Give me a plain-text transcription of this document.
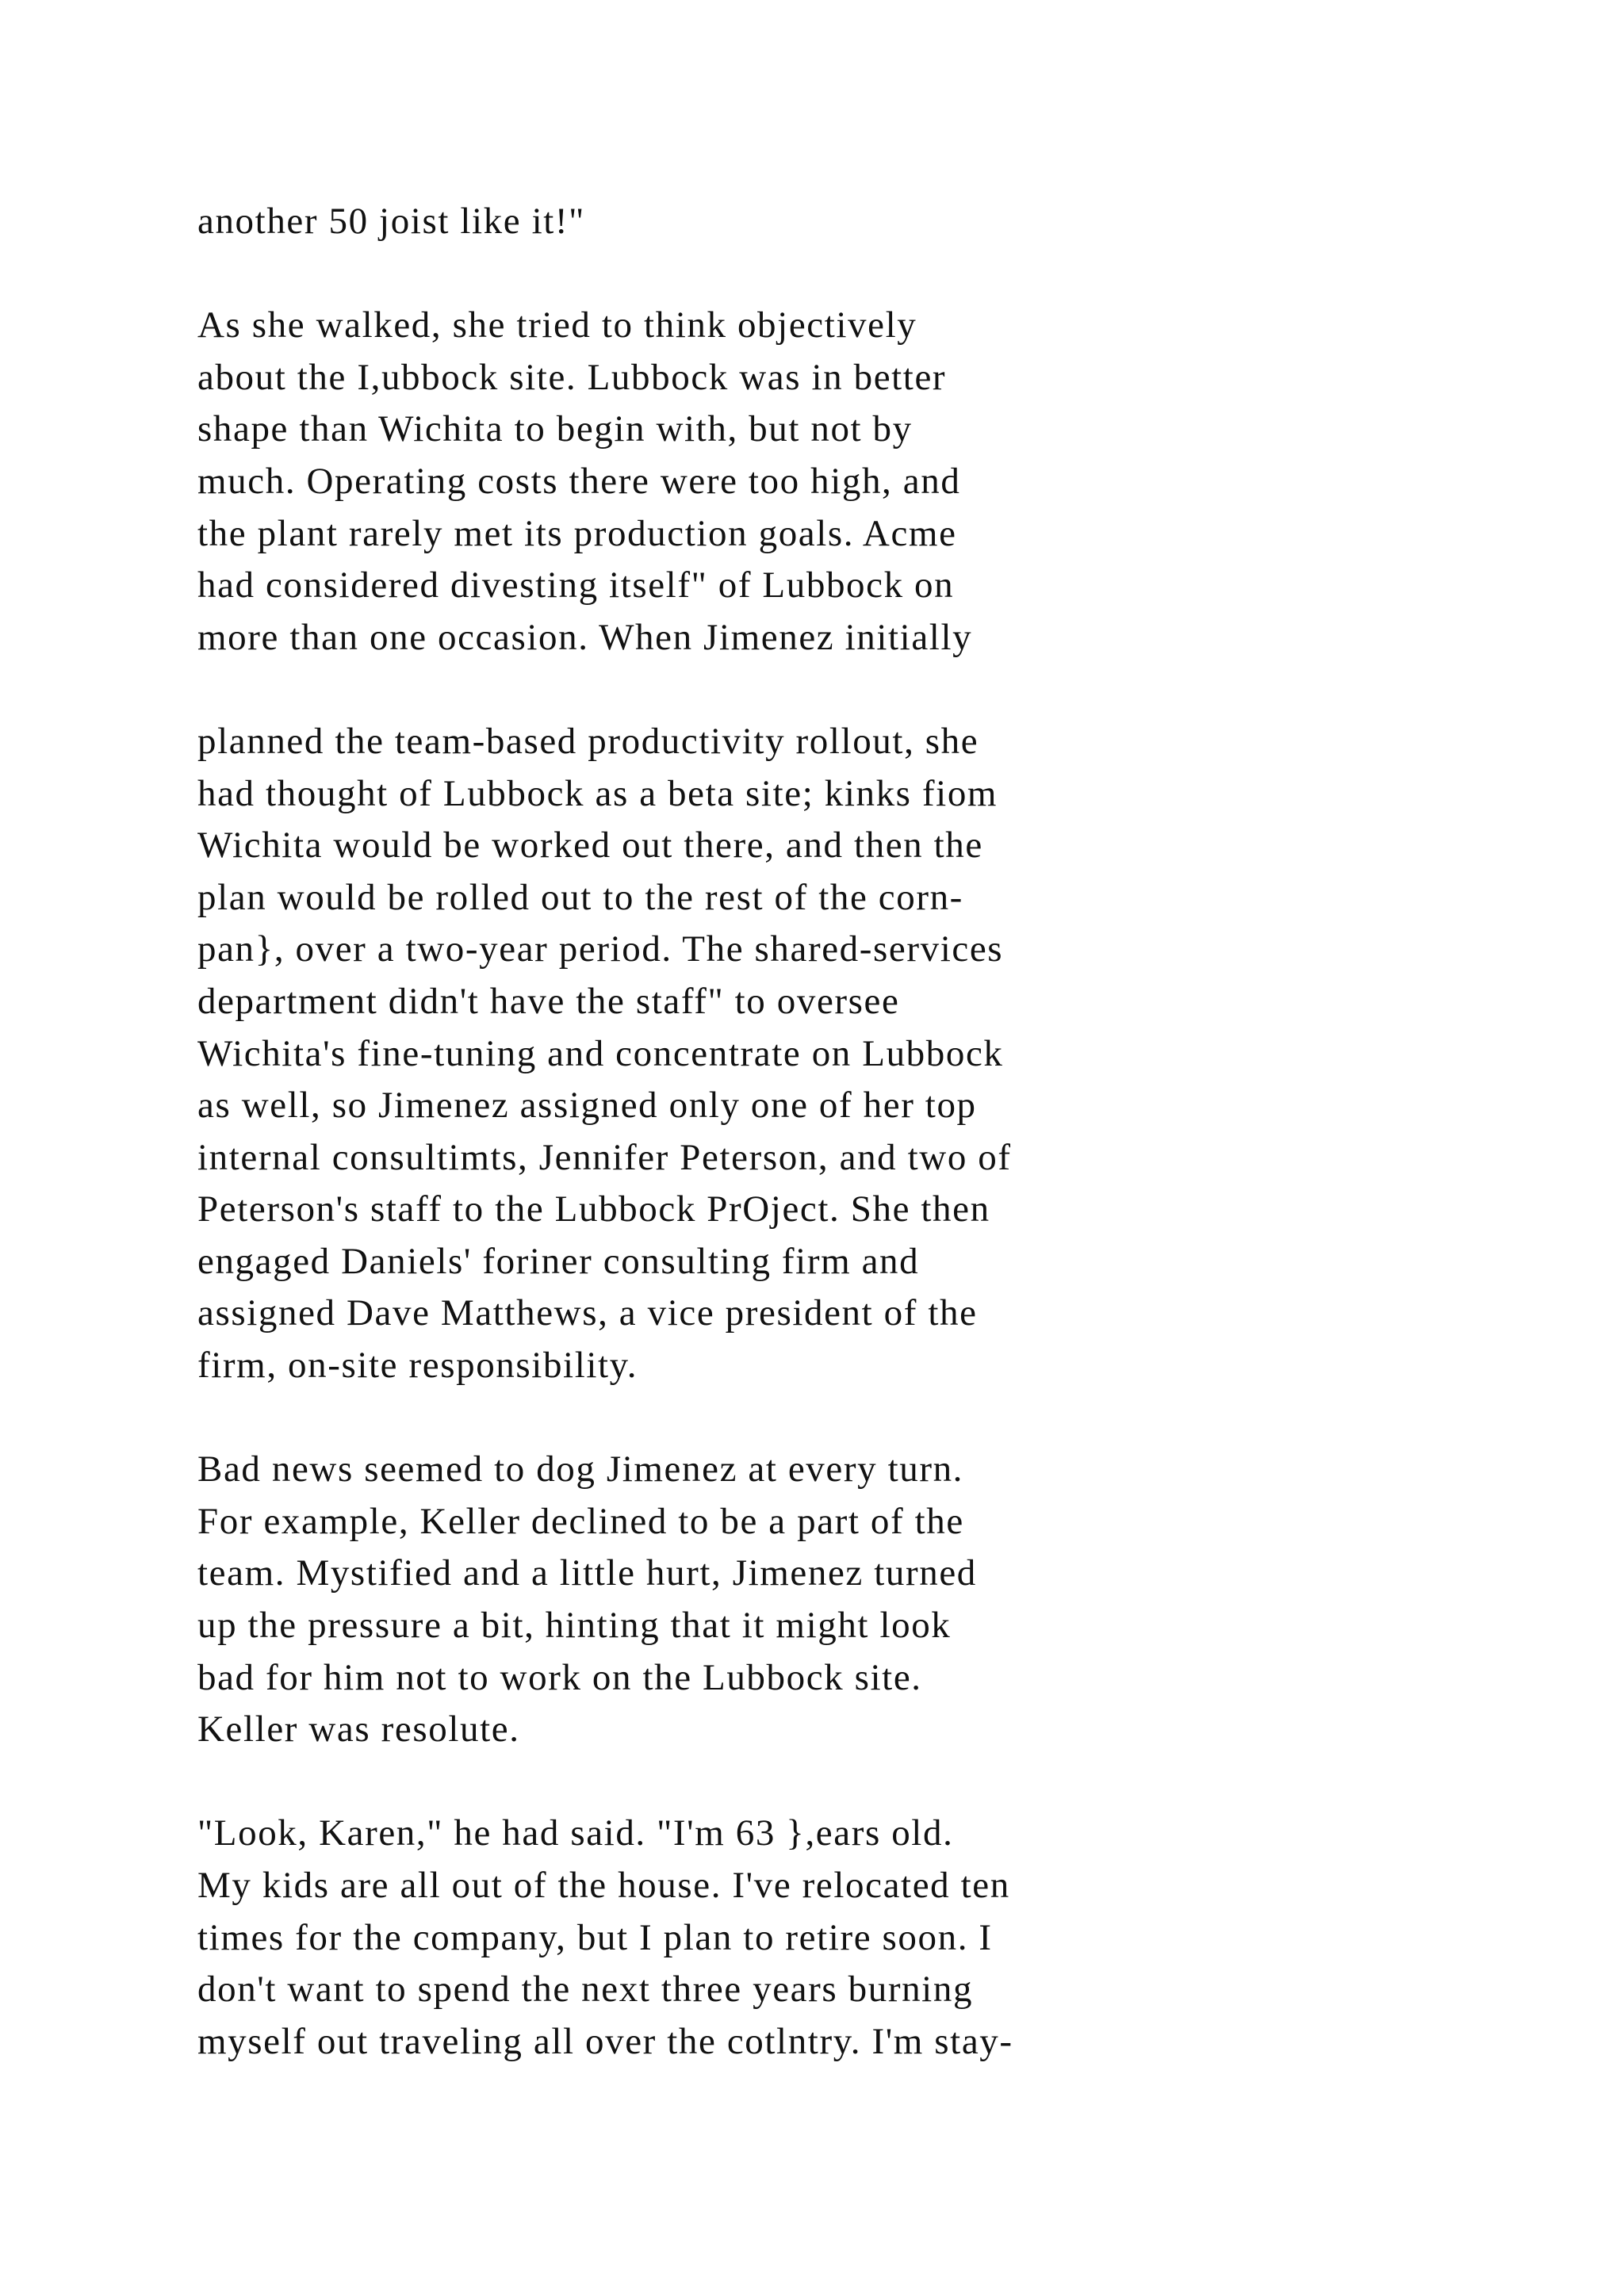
another 50 joist like it!"
As she walked, she tried to think objectively
about the I,ubbock site. Lubbock was in better
shape than Wichita to begin with, but not by
much. Operating costs there were too high, and
the plant rarely met its production goals. Acme
had considered divesting itself" of Lubbock on
more than one occasion. When Jimenez initially
planned the team-based productivity rollout, she
had thought of Lubbock as a beta site; kinks fiom
Wichita would be worked out there, and then the
plan would be rolled out to the rest of the corn-
pan}, over a two-year period. The shared-services
department didn't have the staff" to oversee
Wichita's fine-tuning and concentrate on Lubbock
as well, so Jimenez assigned only one of her top
internal consultimts, Jennifer Peterson, and two of
Peterson's staff to the Lubbock PrOject. She then
engaged Daniels' foriner consulting firm and
assigned Dave Matthews, a vice president of the
firm, on-site responsibility.
Bad news seemed to dog Jimenez at every turn.
For example, Keller declined to be a part of the
team. Mystified and a little hurt, Jimenez turned
up the pressure a bit, hinting that it might look
bad for him not to work on the Lubbock site.
Keller was resolute.
"Look, Karen," he had said. "I'm 63 },ears old.
My kids are all out of the house. I've relocated ten
times for the company, but I plan to retire soon. I
don't want to spend the next three years burning
myself out traveling all over the cotlntry. I'm stay-
